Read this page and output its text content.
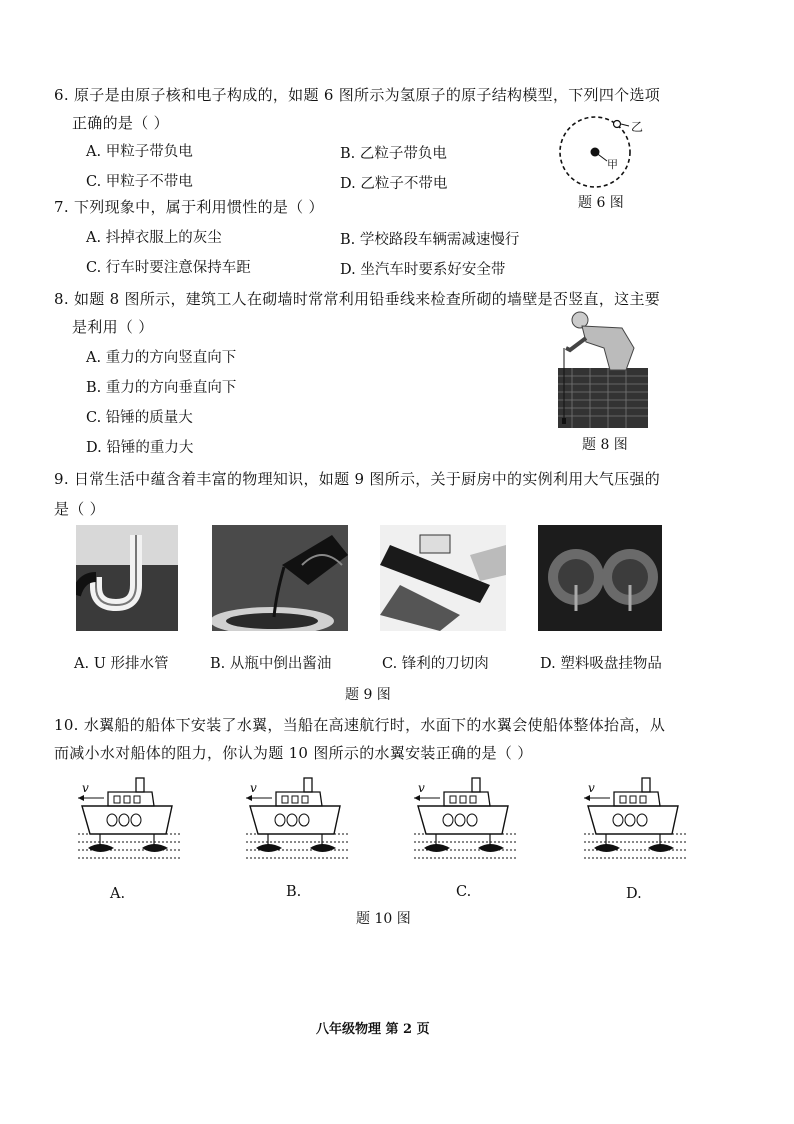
6. 原子是由原子核和电子构成的，如题 6 图所示为氢原子的原子结构模型，下列四个选项
正确的是（ ）
A. 甲粒子带负电	B. 乙粒子带负电
C. 甲粒子不带电	D. 乙粒子不带电
乙
甲
题 6 图
7. 下列现象中，属于利用惯性的是（ ）
A. 抖掉衣服上的灰尘	B. 学校路段车辆需减速慢行
C. 行车时要注意保持车距	D. 坐汽车时要系好安全带
8. 如题 8 图所示，建筑工人在砌墙时常常利用铅垂线来检查所砌的墙壁是否竖直，这主要
是利用（ ）
A. 重力的方向竖直向下
B. 重力的方向垂直向下
C. 铅锤的质量大
D. 铅锤的重力大	题 8 图
9. 日常生活中蕴含着丰富的物理知识，如题 9 图所示，关于厨房中的实例利用大气压强的
是（ ）
A. U 形排水管	B. 从瓶中倒出酱油	C. 锋利的刀切肉	D. 塑料吸盘挂物品
题 9 图
10. 水翼船的船体下安装了水翼，当船在高速航行时，水面下的水翼会使船体整体抬高，从
而减小水对船体的阻力，你认为题 10 图所示的水翼安装正确的是（ ）
v	v	v	v
A.	B.	C.	D.
题 10 图
八年级物理 第 2 页
